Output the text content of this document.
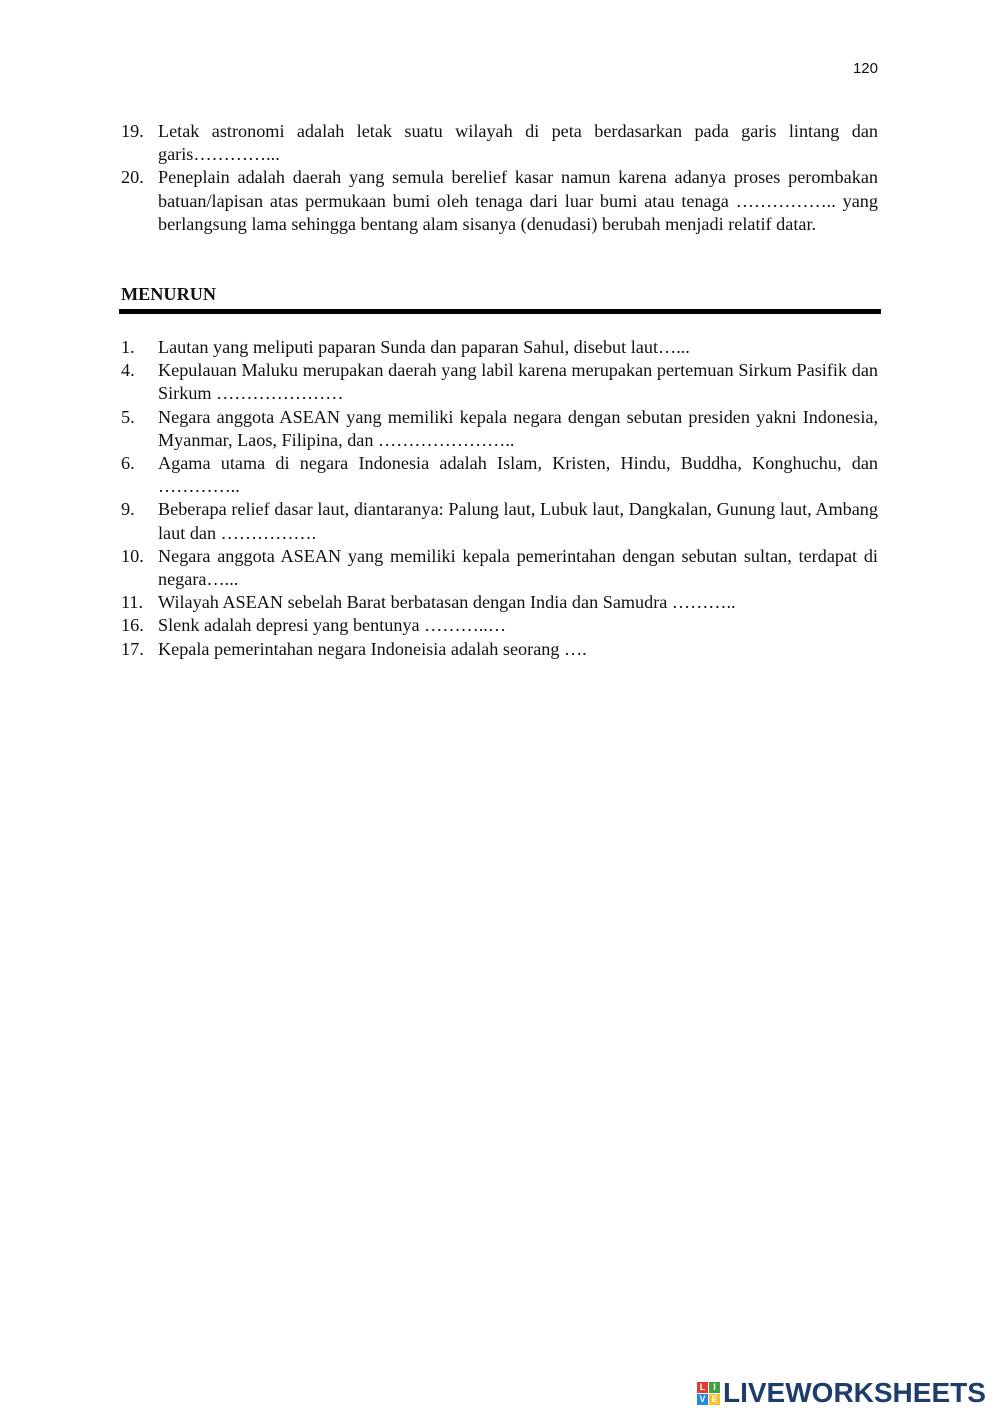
120
19. Letak astronomi adalah letak suatu wilayah di peta berdasarkan pada garis lintang dan garis…………...
20. Peneplain adalah daerah yang semula berelief kasar namun karena adanya proses perombakan batuan/lapisan atas permukaan bumi oleh tenaga dari luar bumi atau tenaga …………….. yang berlangsung lama sehingga bentang alam sisanya (denudasi) berubah menjadi relatif datar.
MENURUN
1.	Lautan yang meliputi paparan Sunda dan paparan Sahul, disebut laut…...
4.	Kepulauan Maluku merupakan daerah yang labil karena merupakan pertemuan Sirkum Pasifik dan Sirkum …………………
5.	Negara anggota ASEAN yang memiliki kepala negara dengan sebutan presiden yakni Indonesia, Myanmar, Laos, Filipina, dan …………………..
6.	Agama utama di negara Indonesia adalah Islam, Kristen, Hindu, Buddha, Konghuchu, dan …………..
9.	Beberapa relief dasar laut, diantaranya: Palung laut, Lubuk laut, Dangkalan, Gunung laut, Ambang laut dan …………….
10. Negara anggota ASEAN yang memiliki kepala pemerintahan dengan sebutan sultan, terdapat di negara…...
11. Wilayah ASEAN sebelah Barat berbatasan dengan India dan Samudra ………..
16. Slenk adalah depresi yang bentunya ………..…
17. Kepala pemerintahan negara Indoneisia adalah seorang ….
L I
V E LIVEWORKSHEETS
